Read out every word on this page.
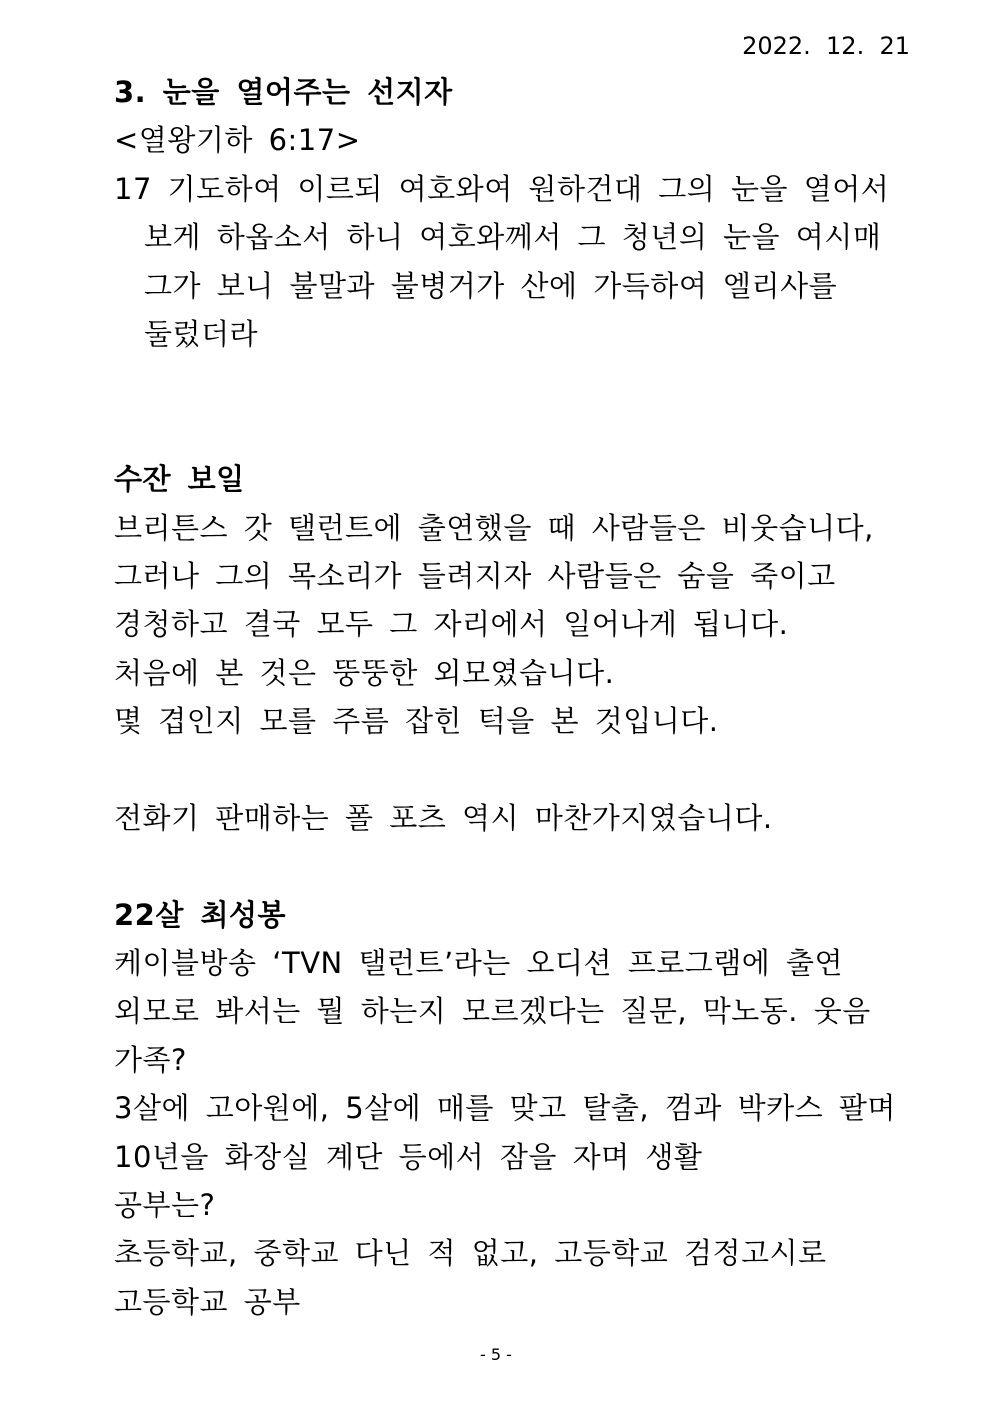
2022.  12.  21
3. 눈을 열어주는 선지자
<열왕기하 6:17>
17 기도하여 이르되 여호와여 원하건대 그의 눈을 열어서
보게 하옵소서 하니 여호와께서 그 청년의 눈을 여시매
그가 보니 불말과 불병거가 산에 가득하여 엘리사를
둘렀더라
수잔 보일
브리튼스 갓 탤런트에 출연했을 때 사람들은 비웃습니다,
그러나 그의 목소리가 들려지자 사람들은 숨을 죽이고
경청하고 결국 모두 그 자리에서 일어나게 됩니다.
처음에 본 것은 뚱뚱한 외모였습니다.
몇 겹인지 모를 주름 잡힌 턱을 본 것입니다.
전화기 판매하는 폴 포츠 역시 마찬가지였습니다.
22살 최성봉
케이블방송 ‘TVN 탤런트’라는 오디션 프로그램에 출연
외모로 봐서는 뭘 하는지 모르겠다는 질문, 막노동. 웃음
가족?
3살에 고아원에, 5살에 매를 맞고 탈출, 껌과 박카스 팔며
10년을 화장실 계단 등에서 잠을 자며 생활
공부는?
초등학교, 중학교 다닌 적 없고, 고등학교 검정고시로
고등학교 공부
- 5 -
